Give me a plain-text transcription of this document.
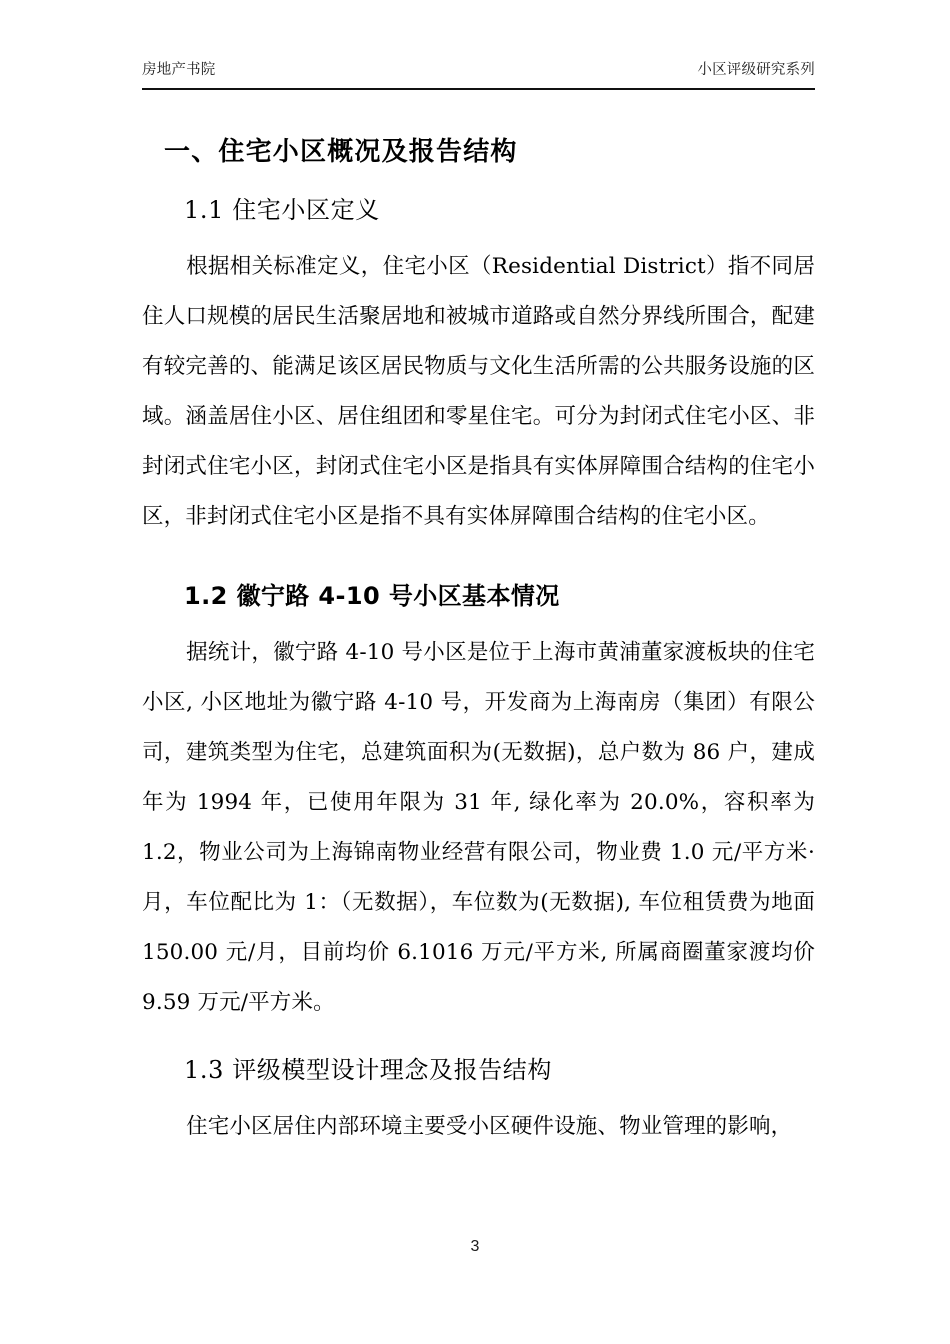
房地产书院	小区评级研究系列
一、住宅小区概况及报告结构
1.1 住宅小区定义

根据相关标准定义，住宅小区（Residential District）指不同居住人口规模的居民生活聚居地和被城市道路或自然分界线所围合，配建有较完善的、能满足该区居民物质与文化生活所需的公共服务设施的区域。涵盖居住小区、居住组团和零星住宅。可分为封闭式住宅小区、非封闭式住宅小区，封闭式住宅小区是指具有实体屏障围合结构的住宅小区，非封闭式住宅小区是指不具有实体屏障围合结构的住宅小区。

1.2 徽宁路 4-10 号小区基本情况

据统计，徽宁路 4-10 号小区是位于上海市黄浦董家渡板块的住宅小区, 小区地址为徽宁路 4-10 号，开发商为上海南房（集团）有限公司，建筑类型为住宅，总建筑面积为(无数据)，总户数为 86 户，建成年为 1994 年，已使用年限为 31 年, 绿化率为 20.0%，容积率为 1.2，物业公司为上海锦南物业经营有限公司，物业费 1.0 元/平方米·月，车位配比为 1：（无数据），车位数为(无数据), 车位租赁费为地面 150.00 元/月，目前均价 6.1016 万元/平方米, 所属商圈董家渡均价 9.59 万元/平方米。

1.3 评级模型设计理念及报告结构

住宅小区居住内部环境主要受小区硬件设施、物业管理的影响，

3
